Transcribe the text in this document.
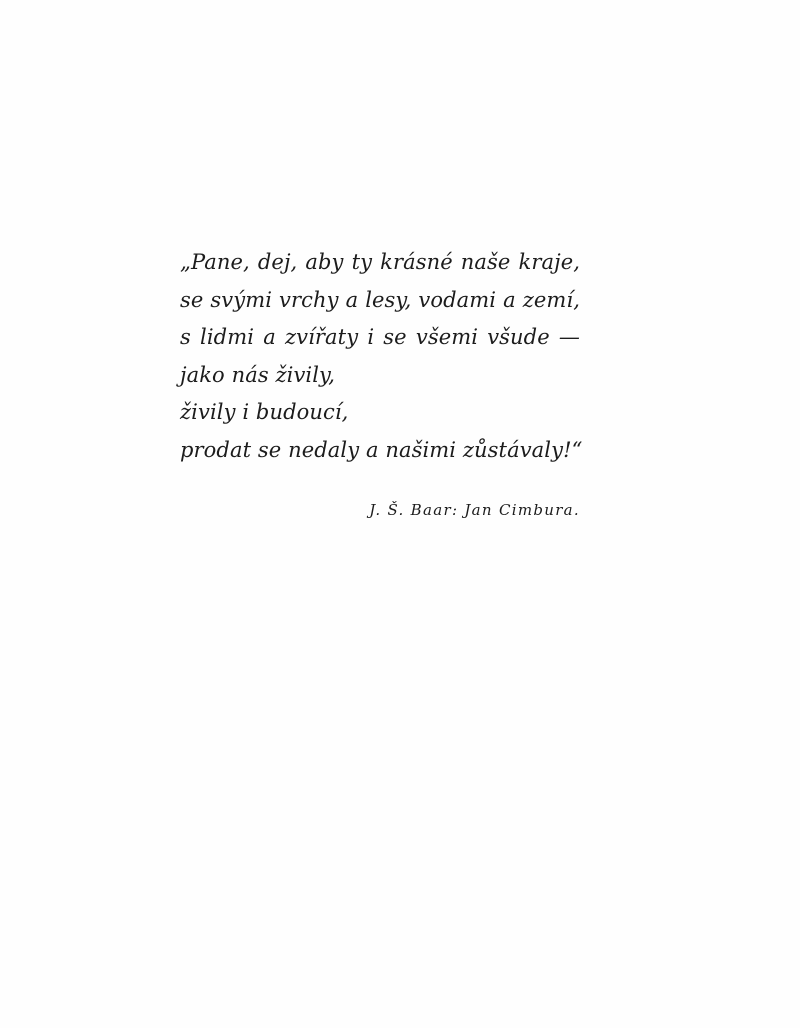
„Pane, dej, aby ty krásné naše kraje,
se svými vrchy a lesy, vodami a zemí,
s lidmi a zvířaty i se všemi všude —
jako nás živily,
živily i budoucí,
prodat se nedaly a našimi zůstávaly!“
J. Š. Baar: Jan Cimbura.
